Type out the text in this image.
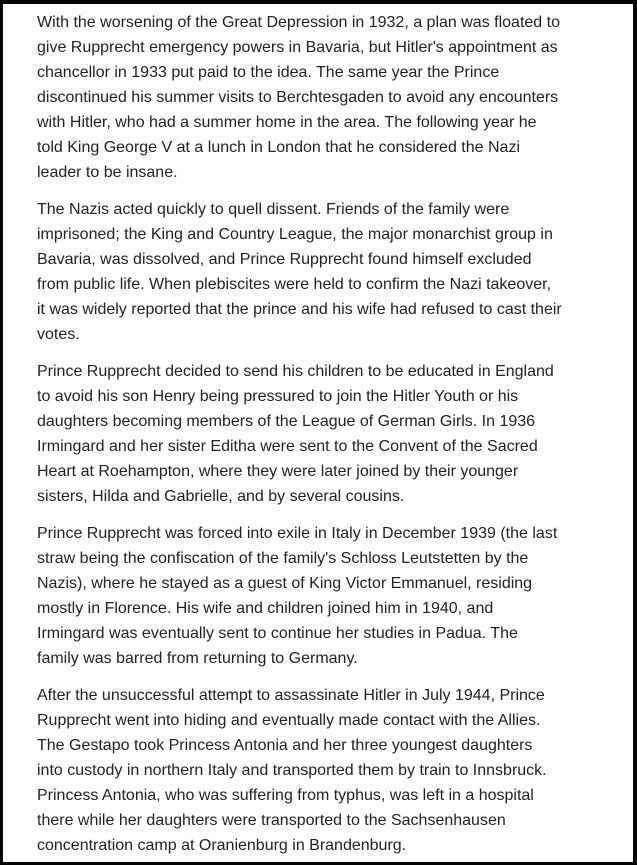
With the worsening of the Great Depression in 1932, a plan was floated to
give Rupprecht emergency powers in Bavaria, but Hitler's appointment as
chancellor in 1933 put paid to the idea. The same year the Prince
discontinued his summer visits to Berchtesgaden to avoid any encounters
with Hitler, who had a summer home in the area. The following year he
told King George V at a lunch in London that he considered the Nazi
leader to be insane.

The Nazis acted quickly to quell dissent. Friends of the family were
imprisoned; the King and Country League, the major monarchist group in
Bavaria, was dissolved, and Prince Rupprecht found himself excluded
from public life. When plebiscites were held to confirm the Nazi takeover,
it was widely reported that the prince and his wife had refused to cast their
votes.

Prince Rupprecht decided to send his children to be educated in England
to avoid his son Henry being pressured to join the Hitler Youth or his
daughters becoming members of the League of German Girls. In 1936
Irmingard and her sister Editha were sent to the Convent of the Sacred
Heart at Roehampton, where they were later joined by their younger
sisters, Hilda and Gabrielle, and by several cousins.

Prince Rupprecht was forced into exile in Italy in December 1939 (the last
straw being the confiscation of the family's Schloss Leutstetten by the
Nazis), where he stayed as a guest of King Victor Emmanuel, residing
mostly in Florence. His wife and children joined him in 1940, and
Irmingard was eventually sent to continue her studies in Padua. The
family was barred from returning to Germany.

After the unsuccessful attempt to assassinate Hitler in July 1944, Prince
Rupprecht went into hiding and eventually made contact with the Allies.
The Gestapo took Princess Antonia and her three youngest daughters
into custody in northern Italy and transported them by train to Innsbruck.
Princess Antonia, who was suffering from typhus, was left in a hospital
there while her daughters were transported to the Sachsenhausen
concentration camp at Oranienburg in Brandenburg.
